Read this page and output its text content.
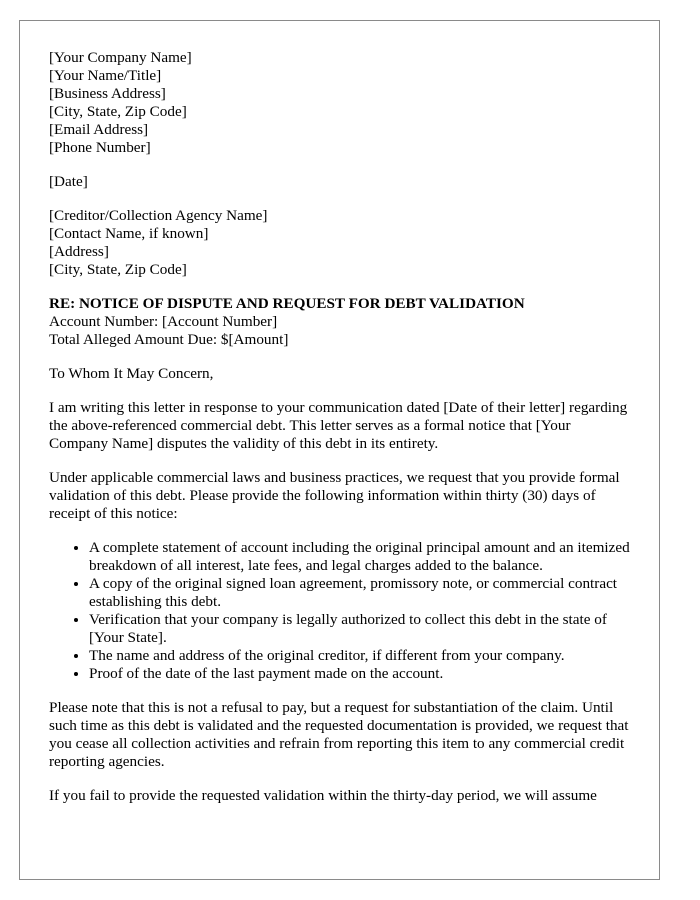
[Your Company Name]
[Your Name/Title]
[Business Address]
[City, State, Zip Code]
[Email Address]
[Phone Number]
[Date]
[Creditor/Collection Agency Name]
[Contact Name, if known]
[Address]
[City, State, Zip Code]
RE: NOTICE OF DISPUTE AND REQUEST FOR DEBT VALIDATION
Account Number: [Account Number]
Total Alleged Amount Due: $[Amount]

To Whom It May Concern,

I am writing this letter in response to your communication dated [Date of their letter] regarding the above-referenced commercial debt. This letter serves as a formal notice that [Your Company Name] disputes the validity of this debt in its entirety.

Under applicable commercial laws and business practices, we request that you provide formal validation of this debt. Please provide the following information within thirty (30) days of receipt of this notice:

• A complete statement of account including the original principal amount and an itemized breakdown of all interest, late fees, and legal charges added to the balance.
• A copy of the original signed loan agreement, promissory note, or commercial contract establishing this debt.
• Verification that your company is legally authorized to collect this debt in the state of [Your State].
• The name and address of the original creditor, if different from your company.
• Proof of the date of the last payment made on the account.

Please note that this is not a refusal to pay, but a request for substantiation of the claim. Until such time as this debt is validated and the requested documentation is provided, we request that you cease all collection activities and refrain from reporting this item to any commercial credit reporting agencies.

If you fail to provide the requested validation within the thirty-day period, we will assume
